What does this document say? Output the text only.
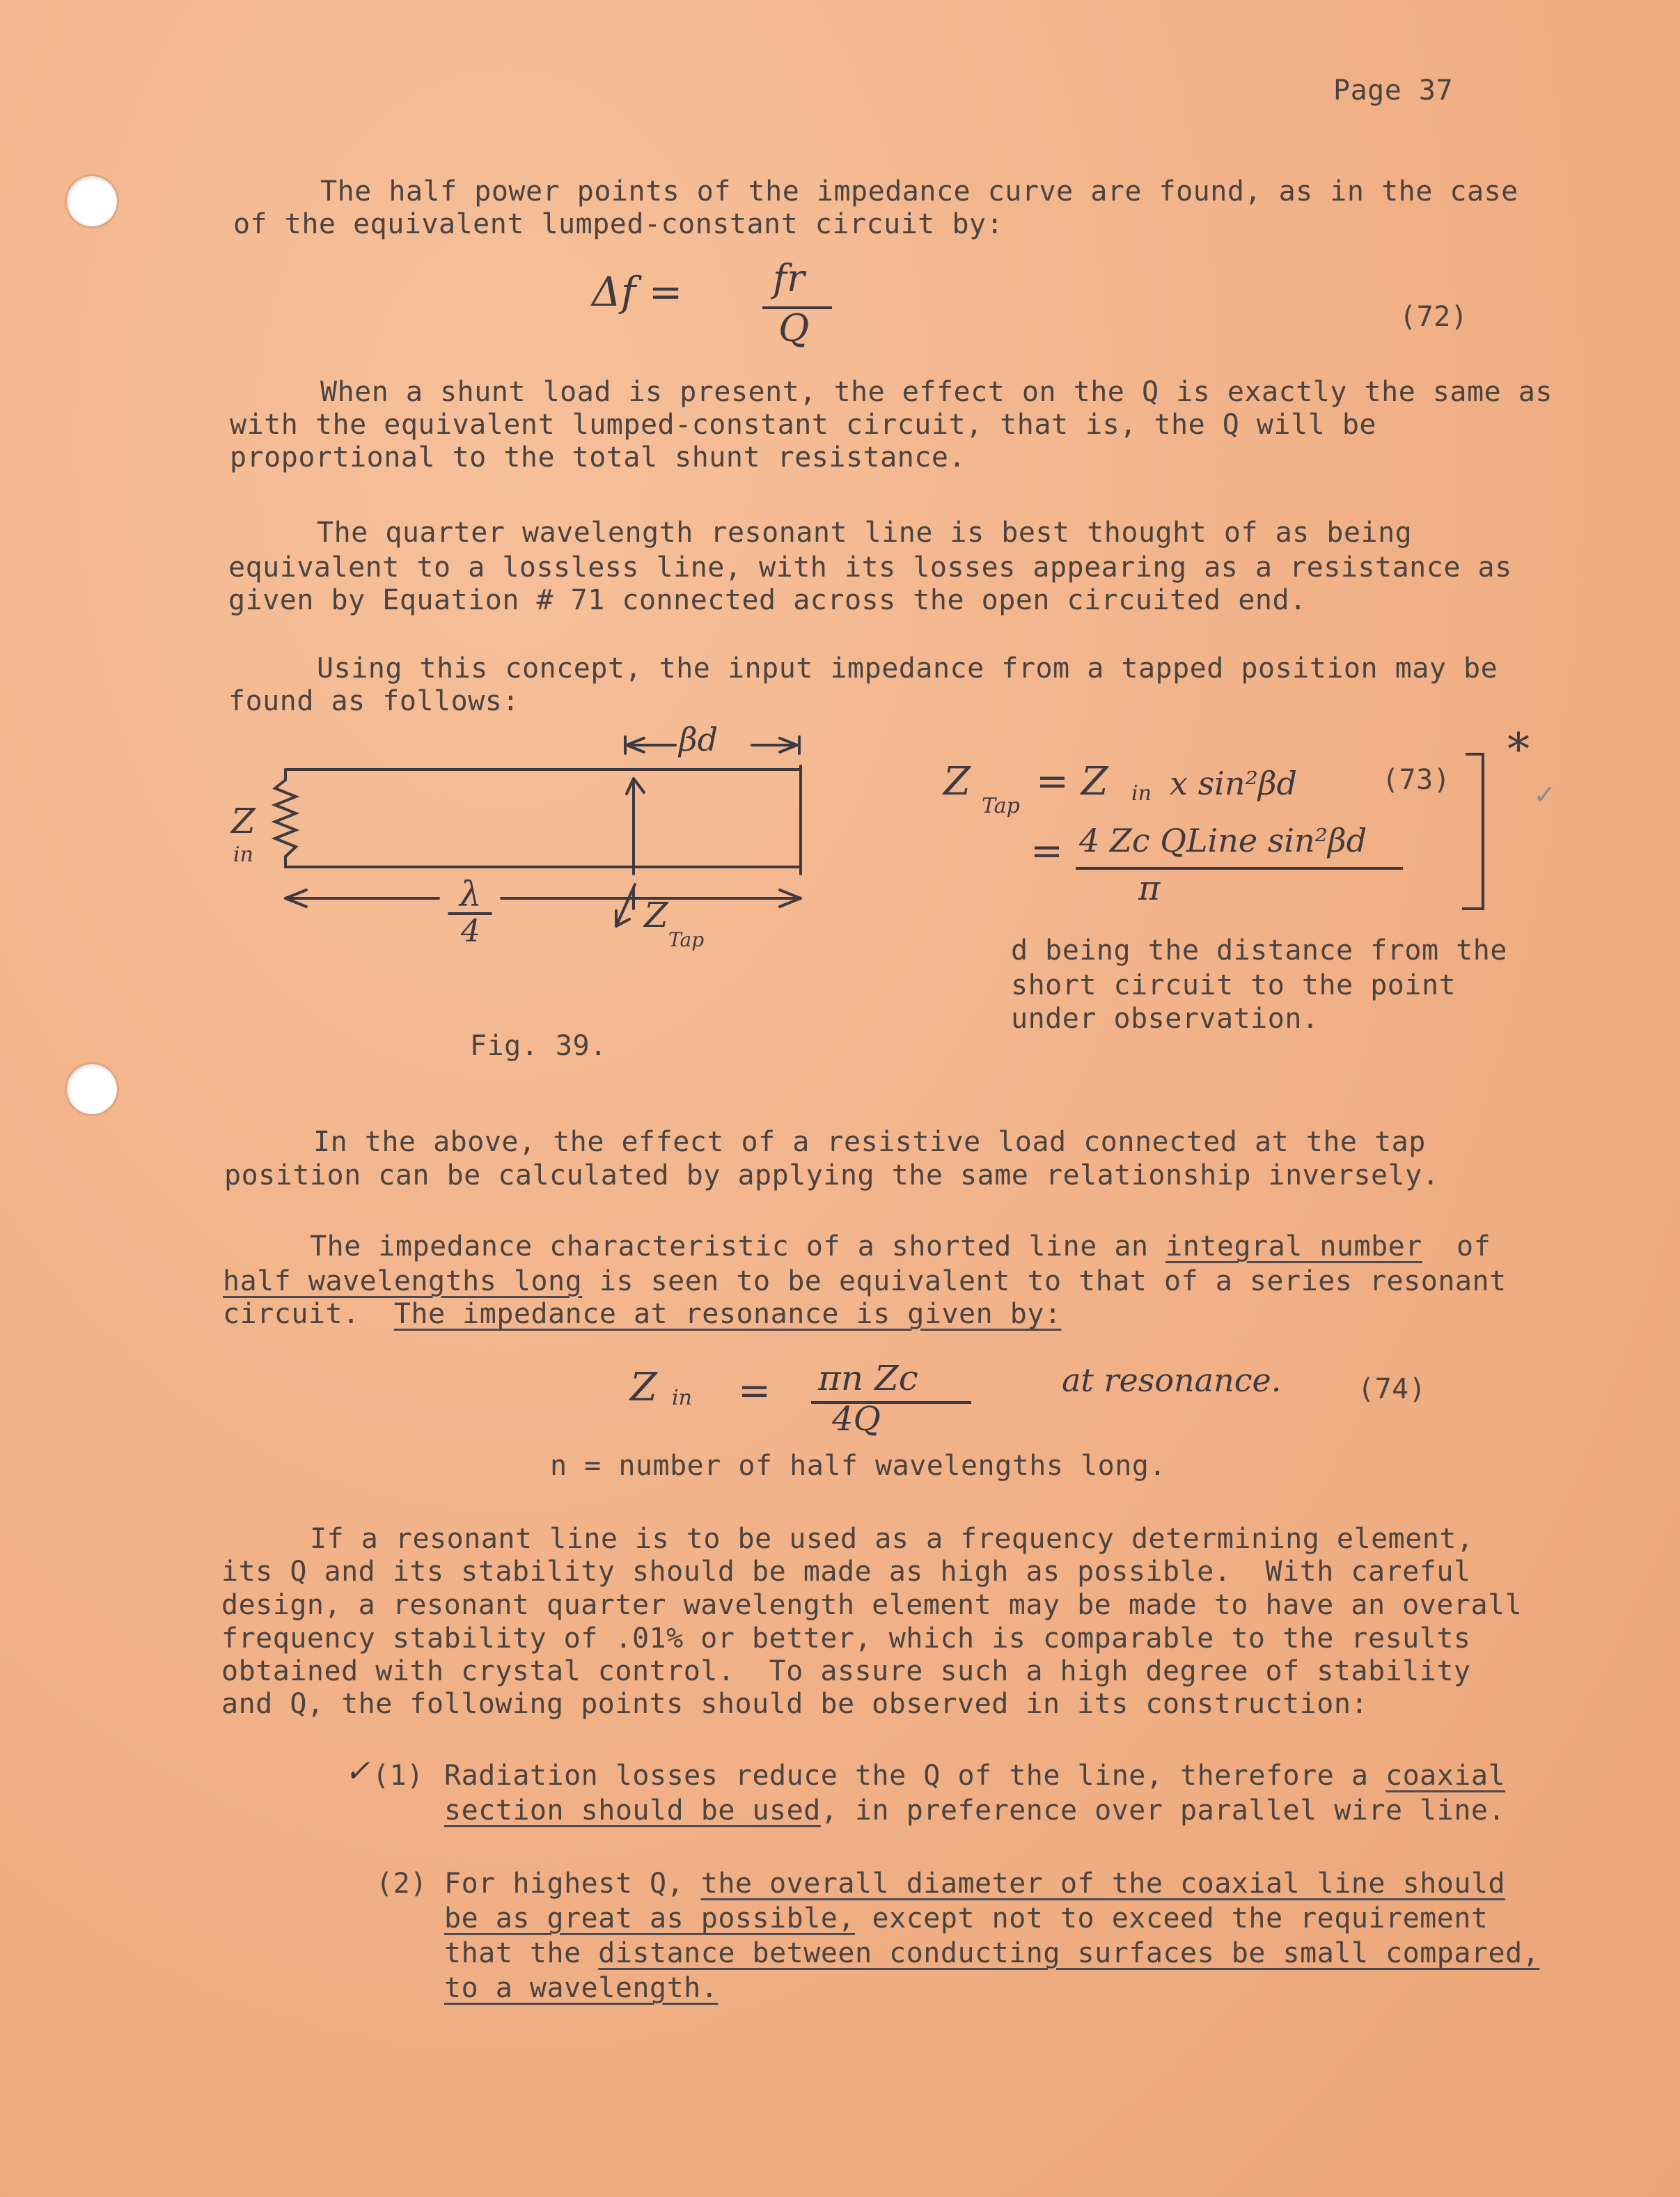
Page 37
The half power points of the impedance curve are found, as in the case
of the equivalent lumped-constant circuit by:
Δf = fr
Q	(72)
When a shunt load is present, the effect on the Q is exactly the same as
with the equivalent lumped-constant circuit, that is, the Q will be
proportional to the total shunt resistance.
The quarter wavelength resonant line is best thought of as being
equivalent to a lossless line, with its losses appearing as a resistance as
given by Equation # 71 connected across the open circuited end.
Using this concept, the input impedance from a tapped position may be
found as follows:
βd
Z
in
λ
4	Z
Tap
Fig. 39.
Z
Tap
= Z in x sin²βd	(73)
= 4 Zc QLine sin²βd
π
*
✓
d being the distance from the
short circuit to the point
under observation.
In the above, the effect of a resistive load connected at the tap
position can be calculated by applying the same relationship inversely.
The impedance characteristic of a shorted line an integral number  of
half wavelengths long is seen to be equivalent to that of a series resonant
circuit.  The impedance at resonance is given by:
Z in = πn Zc
4Q
at resonance.	(74)
n = number of half wavelengths long.
If a resonant line is to be used as a frequency determining element,
its Q and its stability should be made as high as possible.  With careful
design, a resonant quarter wavelength element may be made to have an overall
frequency stability of .01% or better, which is comparable to the results
obtained with crystal control.  To assure such a high degree of stability
and Q, the following points should be observed in its construction:
✓ (1) Radiation losses reduce the Q of the line, therefore a coaxial
section should be used, in preference over parallel wire line.
(2) For highest Q, the overall diameter of the coaxial line should
be as great as possible, except not to exceed the requirement
that the distance between conducting surfaces be small compared,
to a wavelength.
